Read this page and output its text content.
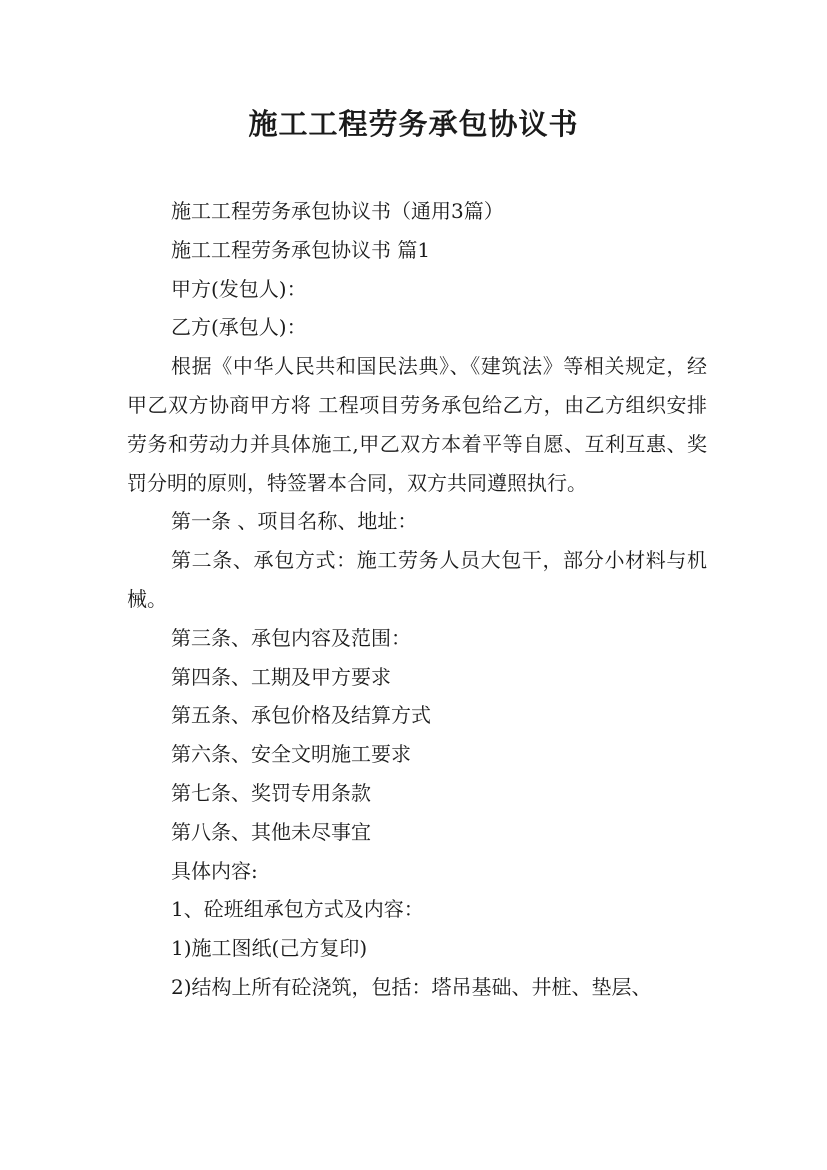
施工工程劳务承包协议书

施工工程劳务承包协议书（通用3篇）

施工工程劳务承包协议书 篇1

甲方(发包人)：

乙方(承包人)：

根据《中华人民共和国民法典》、《建筑法》等相关规定，经甲乙双方协商甲方将 工程项目劳务承包给乙方，由乙方组织安排劳务和劳动力并具体施工,甲乙双方本着平等自愿、互利互惠、奖罚分明的原则，特签署本合同，双方共同遵照执行。

第一条 、项目名称、地址：

第二条、承包方式：施工劳务人员大包干，部分小材料与机械。

第三条、承包内容及范围：

第四条、工期及甲方要求

第五条、承包价格及结算方式

第六条、安全文明施工要求

第七条、奖罚专用条款

第八条、其他未尽事宜

具体内容:

1、砼班组承包方式及内容：

1)施工图纸(己方复印)

2)结构上所有砼浇筑，包括：塔吊基础、井桩、垫层、
